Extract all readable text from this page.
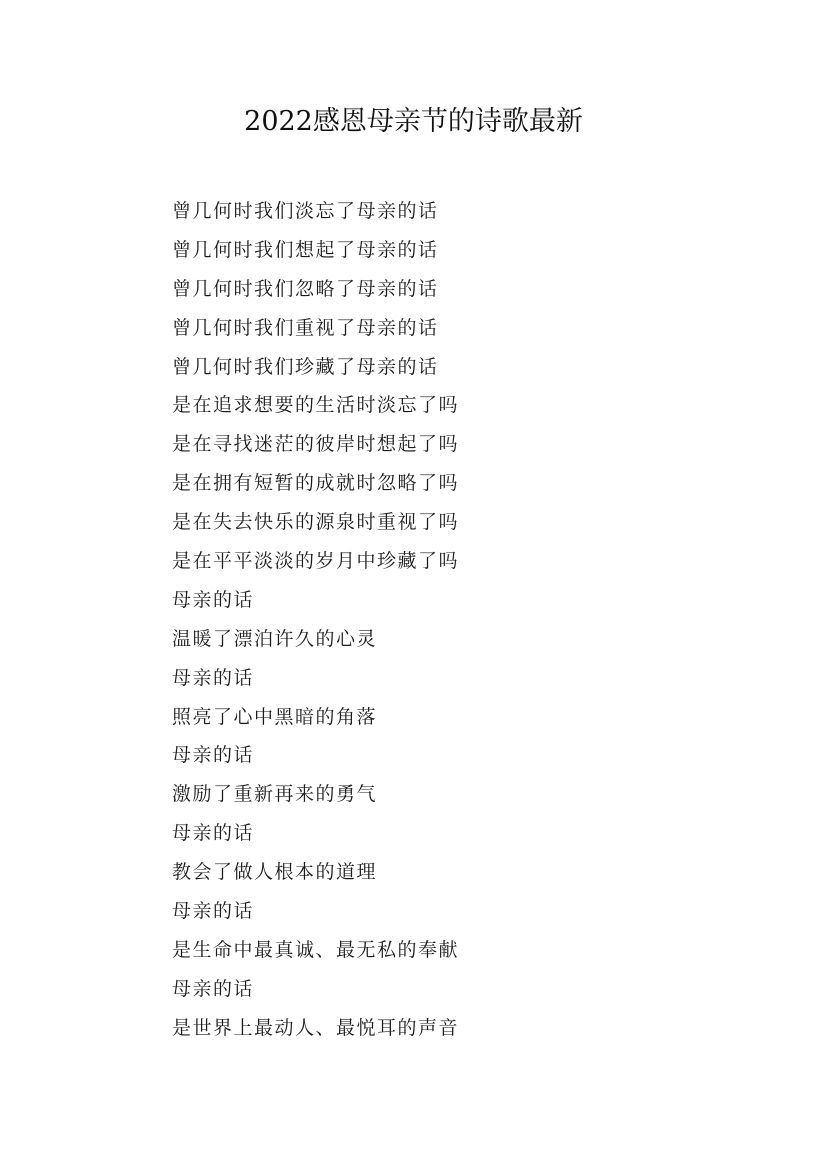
2022感恩母亲节的诗歌最新
曾几何时我们淡忘了母亲的话
曾几何时我们想起了母亲的话
曾几何时我们忽略了母亲的话
曾几何时我们重视了母亲的话
曾几何时我们珍藏了母亲的话
是在追求想要的生活时淡忘了吗
是在寻找迷茫的彼岸时想起了吗
是在拥有短暂的成就时忽略了吗
是在失去快乐的源泉时重视了吗
是在平平淡淡的岁月中珍藏了吗
母亲的话
温暖了漂泊许久的心灵
母亲的话
照亮了心中黑暗的角落
母亲的话
激励了重新再来的勇气
母亲的话
教会了做人根本的道理
母亲的话
是生命中最真诚、最无私的奉献
母亲的话
是世界上最动人、最悦耳的声音
